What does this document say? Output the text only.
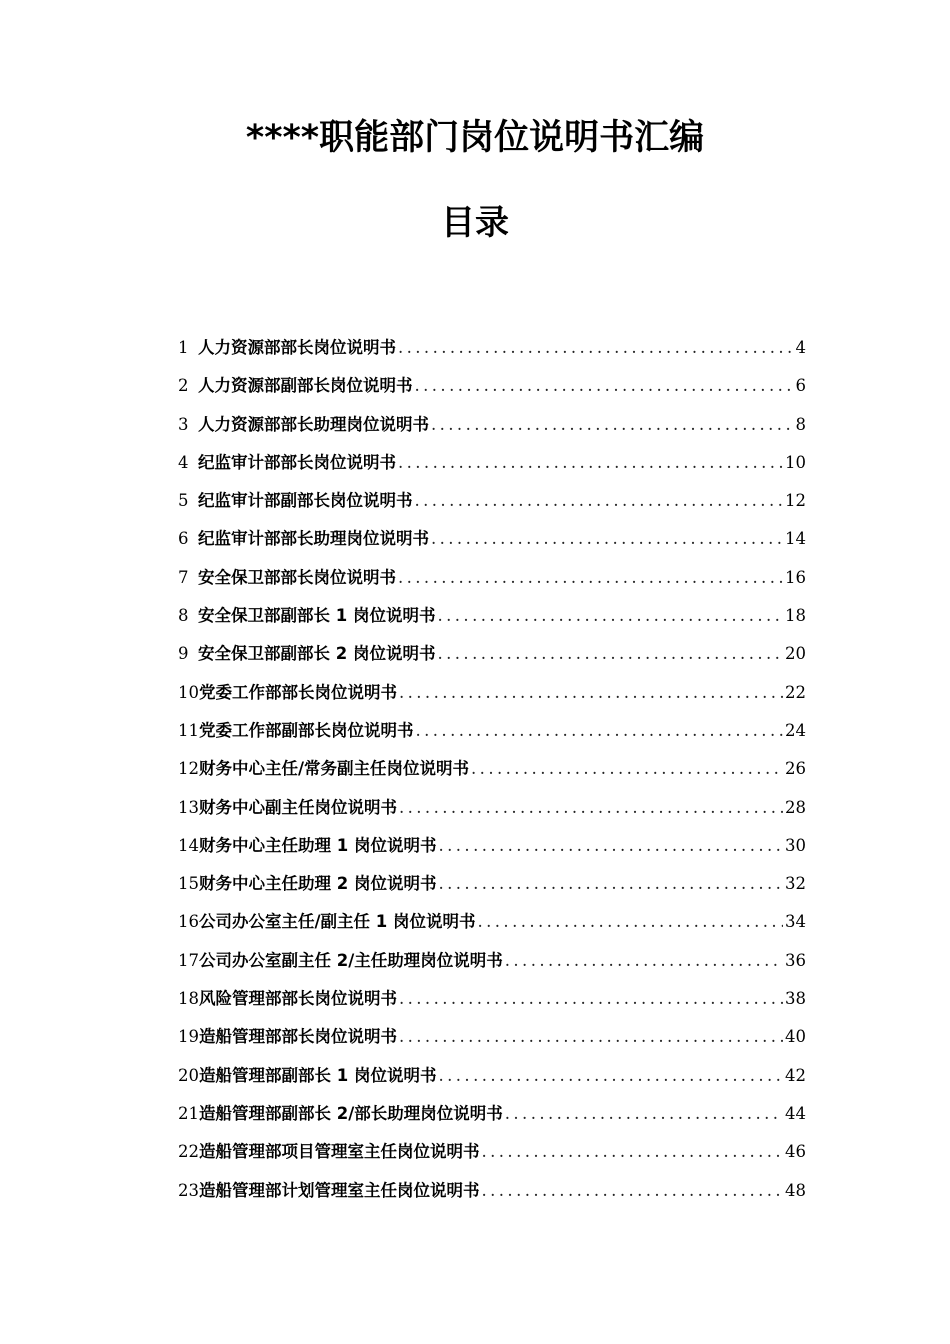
****职能部门岗位说明书汇编
目录
1 人力资源部部长岗位说明书 .....	4
2 人力资源部副部长岗位说明书 .....	6
3 人力资源部部长助理岗位说明书 .....	8
4 纪监审计部部长岗位说明书 .....	10
5 纪监审计部副部长岗位说明书 .....	12
6 纪监审计部部长助理岗位说明书 .....	14
7 安全保卫部部长岗位说明书 .....	16
8 安全保卫部副部长 1 岗位说明书 .....	18
9 安全保卫部副部长 2 岗位说明书 .....	20
10 党委工作部部长岗位说明书 .....	22
11 党委工作部副部长岗位说明书 .....	24
12 财务中心主任/常务副主任岗位说明书 .....	26
13 财务中心副主任岗位说明书 .....	28
14 财务中心主任助理 1 岗位说明书 .....	30
15 财务中心主任助理 2 岗位说明书 .....	32
16 公司办公室主任/副主任 1 岗位说明书 .....	34
17 公司办公室副主任 2/主任助理岗位说明书 .....	36
18 风险管理部部长岗位说明书 .....	38
19 造船管理部部长岗位说明书 .....	40
20 造船管理部副部长 1 岗位说明书 .....	42
21 造船管理部副部长 2/部长助理岗位说明书 .....	44
22 造船管理部项目管理室主任岗位说明书 .....	46
23 造船管理部计划管理室主任岗位说明书 .....	48
